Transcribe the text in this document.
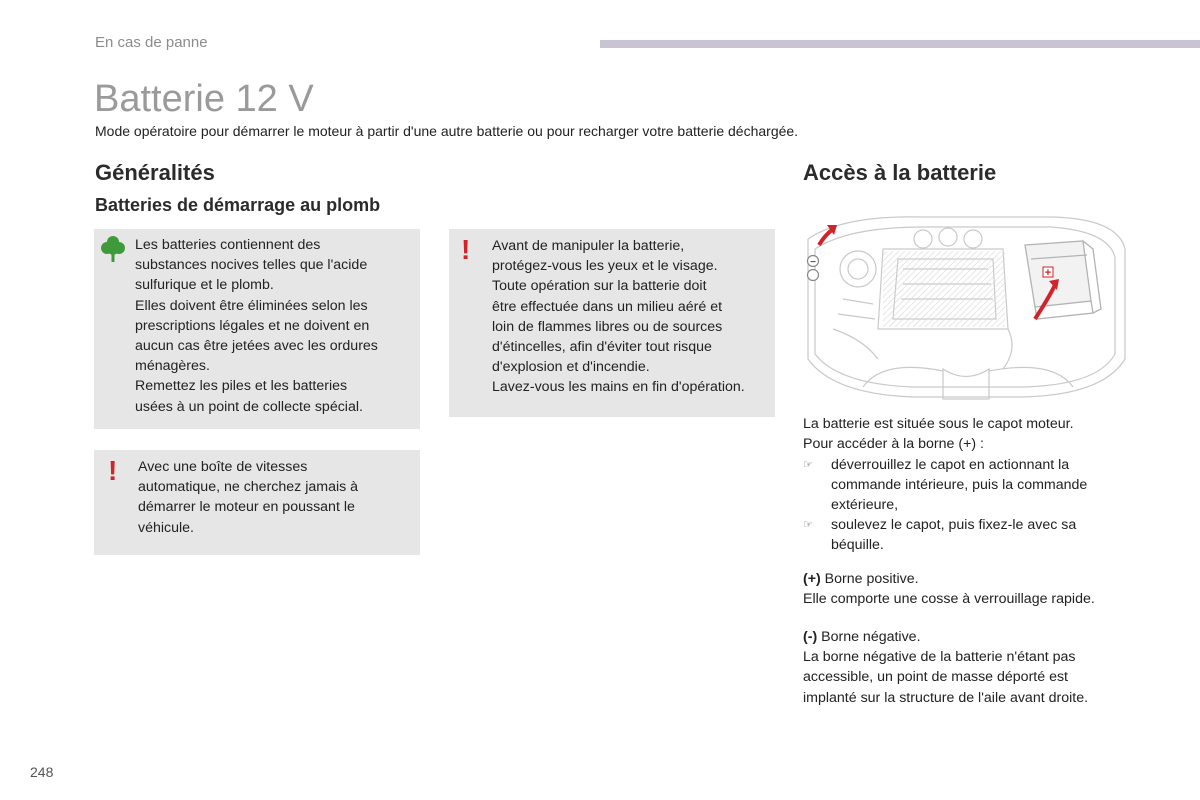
En cas de panne
Batterie 12 V
Mode opératoire pour démarrer le moteur à partir d'une autre batterie ou pour recharger votre batterie déchargée.
Généralités
Batteries de démarrage au plomb

Les batteries contiennent des

substances nocives telles que l'acide

sulfurique et le plomb.

Elles doivent être éliminées selon les

prescriptions légales et ne doivent en

aucun cas être jetées avec les ordures

ménagères.

Remettez les piles et les batteries

usées à un point de collecte spécial.

Avant de manipuler la batterie,

protégez-vous les yeux et le visage.

Toute opération sur la batterie doit

être effectuée dans un milieu aéré et

loin de flammes libres ou de sources

d'étincelles, afin d'éviter tout risque

d'explosion et d'incendie.

Lavez-vous les mains en fin d'opération.

!

Avec une boîte de vitesses

automatique, ne cherchez jamais à

démarrer le moteur en poussant le

véhicule.

!
Accès à la batterie
+
−

La batterie est située sous le capot moteur.
Pour accéder à la borne (+) :

☞	déverrouillez le capot en actionnant la commande intérieure, puis la commande extérieure,
☞	soulevez le capot, puis fixez-le avec sa béquille.

(+) Borne positive.
Elle comporte une cosse à verrouillage rapide.

(-) Borne négative.
La borne négative de la batterie n'étant pas
accessible, un point de masse déporté est
implanté sur la structure de l'aile avant droite.

248
